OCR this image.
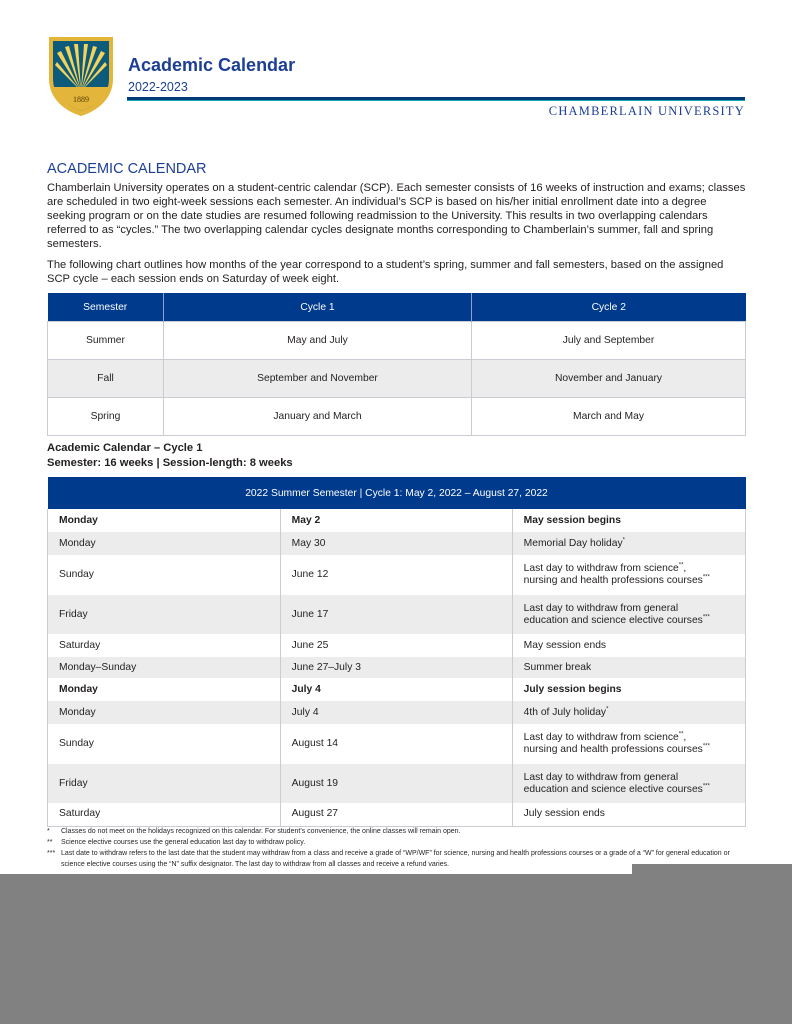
1889
Academic Calendar
2022-2023
CHAMBERLAIN UNIVERSITY
ACADEMIC CALENDAR
Chamberlain University operates on a student-centric calendar (SCP). Each semester consists of 16 weeks of instruction and exams; classes are scheduled in two eight-week sessions each semester. An individual’s SCP is based on his/her initial enrollment date into a degree seeking program or on the date studies are resumed following readmission to the University. This results in two overlapping calendars referred to as “cycles.” The two overlapping calendar cycles designate months corresponding to Chamberlain’s summer, fall and spring semesters.
The following chart outlines how months of the year correspond to a student’s spring, summer and fall semesters, based on the assigned SCP cycle – each session ends on Saturday of week eight.
Semester	Cycle 1	Cycle 2
Summer	May and July	July and September
Fall	September and November	November and January
Spring	January and March	March and May
Academic Calendar – Cycle 1
Semester: 16 weeks | Session-length: 8 weeks
2022 Summer Semester | Cycle 1: May 2, 2022 – August 27, 2022		
Monday	May 2	May session begins
Monday	May 30	Memorial Day holiday*
Sunday	June 12	Last day to withdraw from science**,
nursing and health professions courses***
Friday	June 17	Last day to withdraw from general
education and science elective courses***
Saturday	June 25	May session ends
Monday–Sunday	June 27–July 3	Summer break
Monday	July 4	July session begins
Monday	July 4	4th of July holiday*
Sunday	August 14	Last day to withdraw from science**,
nursing and health professions courses***
Friday	August 19	Last day to withdraw from general
education and science elective courses***
Saturday	August 27	July session ends
* Classes do not meet on the holidays recognized on this calendar. For student’s convenience, the online classes will remain open.
** Science elective courses use the general education last day to withdraw policy.
*** Last date to withdraw refers to the last date that the student may withdraw from a class and receive a grade of “WP/WF” for science, nursing and health professions courses or a grade of a “W” for general education or science elective courses using the “N” suffix designator. The last day to withdraw from all classes and receive a refund varies.
